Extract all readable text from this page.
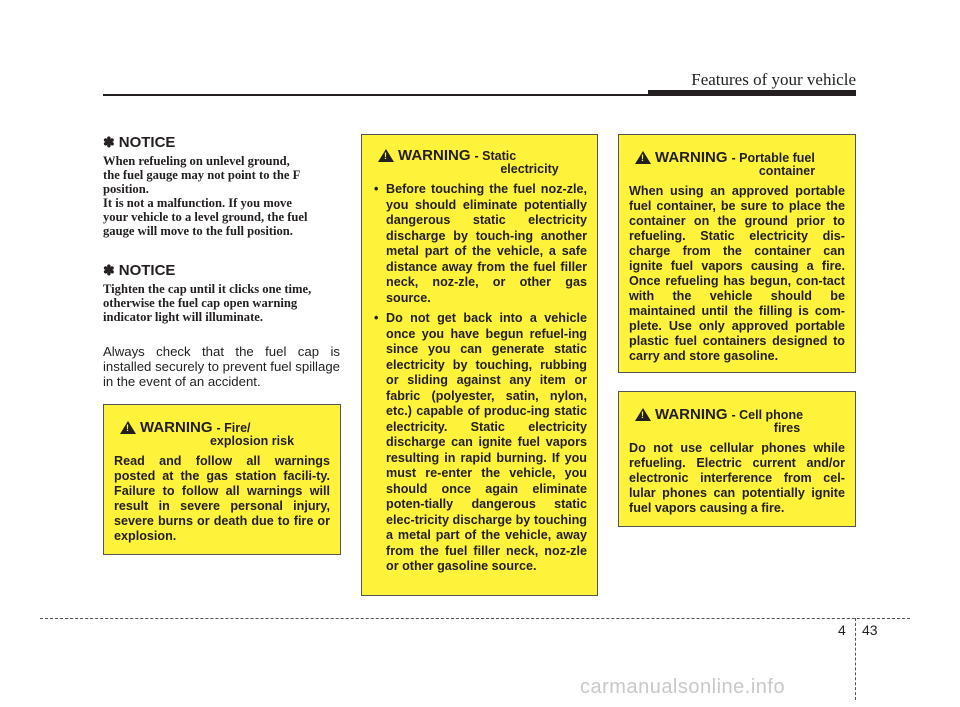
Features of your vehicle
✽ NOTICE
When refueling on unlevel ground,
the fuel gauge may not point to the F
position.
It is not a malfunction. If you move
your vehicle to a level ground, the fuel
gauge will move to the full position.
✽ NOTICE
Tighten the cap until it clicks one time,
otherwise the fuel cap open warning
indicator light will illuminate.
Always check that the fuel cap is installed securely to prevent fuel spillage in the event of an accident.
!
WARNING - Fire/
explosion risk
Read and follow all warnings posted at the gas station facili-ty. Failure to follow all warnings will result in severe personal injury, severe burns or death due to fire or explosion.
!
WARNING - Static
electricity
• Before touching the fuel noz-zle, you should eliminate potentially dangerous static electricity discharge by touch-ing another metal part of the vehicle, a safe distance away from the fuel filler neck, noz-zle, or other gas source.
• Do not get back into a vehicle once you have begun refuel-ing since you can generate static electricity by touching, rubbing or sliding against any item or fabric (polyester, satin, nylon, etc.) capable of produc-ing static electricity. Static electricity discharge can ignite fuel vapors resulting in rapid burning. If you must re-enter the vehicle, you should once again eliminate poten-tially dangerous static elec-tricity discharge by touching a metal part of the vehicle, away from the fuel filler neck, noz-zle or other gasoline source.
!
WARNING - Portable fuel
container
When using an approved portable fuel container, be sure to place the container on the ground prior to refueling. Static electricity dis-charge from the container can ignite fuel vapors causing a fire. Once refueling has begun, con-tact with the vehicle should be maintained until the filling is com-plete. Use only approved portable plastic fuel containers designed to carry and store gasoline.
!
WARNING - Cell phone
fires
Do not use cellular phones while refueling. Electric current and/or electronic interference from cel-lular phones can potentially ignite fuel vapors causing a fire.
4 43
carmanualsonline.info
